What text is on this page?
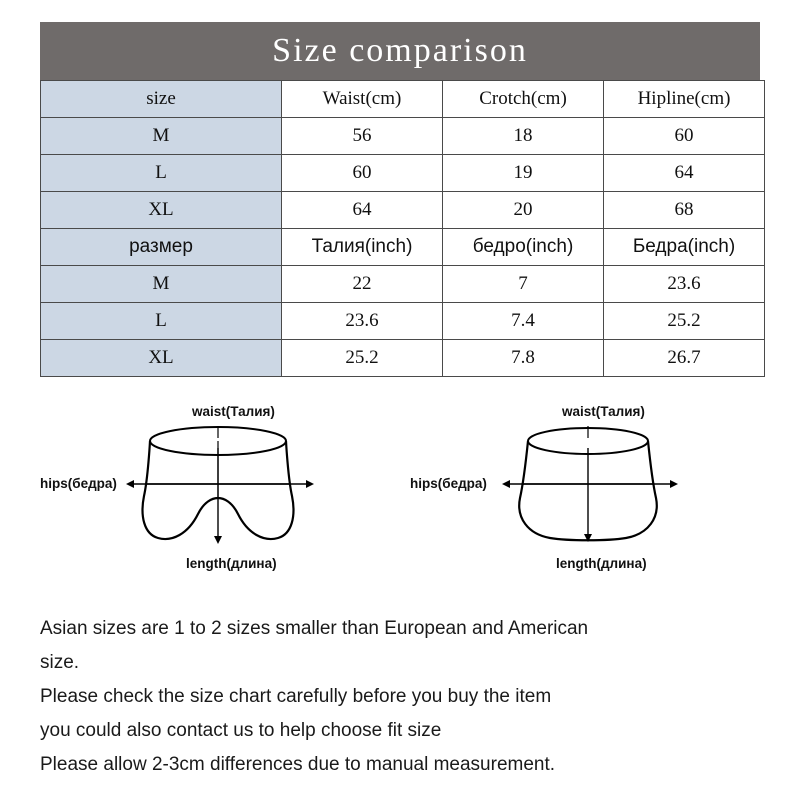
Size comparison
size	Waist(cm)	Crotch(cm)	Hipline(cm)
M	56	18	60
L	60	19	64
XL	64	20	68
размер	Талия(inch)	бедро(inch)	Бедра(inch)
M	22	7	23.6
L	23.6	7.4	25.2
XL	25.2	7.8	26.7
waist(Талия)
hips(бедра)
length(длина)
waist(Талия)
hips(бедра)
length(длина)

Asian sizes are 1 to 2 sizes smaller than European and American

size.

Please check the size chart carefully before you buy the item

you could also contact us to help choose fit size

Please allow 2-3cm differences due to manual measurement.
